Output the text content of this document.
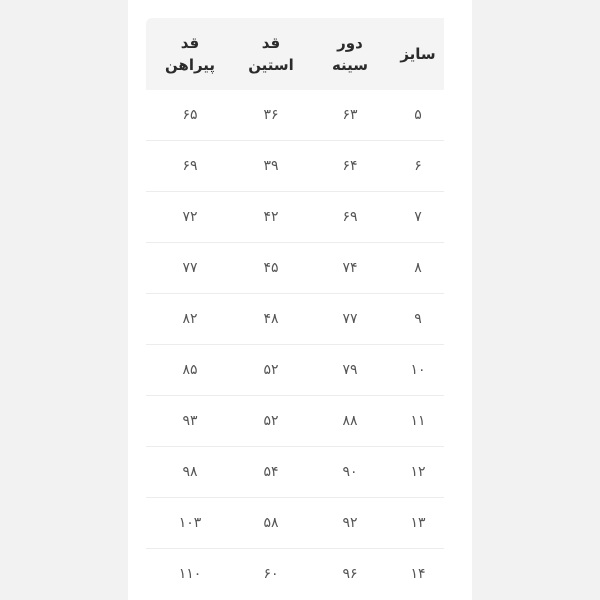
سایز
دور
سینه
قد
استین
قد
پیراهن
۵
۶۳
۳۶
۶۵
۶
۶۴
۳۹
۶۹
۷
۶۹
۴۲
۷۲
۸
۷۴
۴۵
۷۷
۹
۷۷
۴۸
۸۲
۱۰
۷۹
۵۲
۸۵
۱۱
۸۸
۵۲
۹۳
۱۲
۹۰
۵۴
۹۸
۱۳
۹۲
۵۸
۱۰۳
۱۴
۹۶
۶۰
۱۱۰
